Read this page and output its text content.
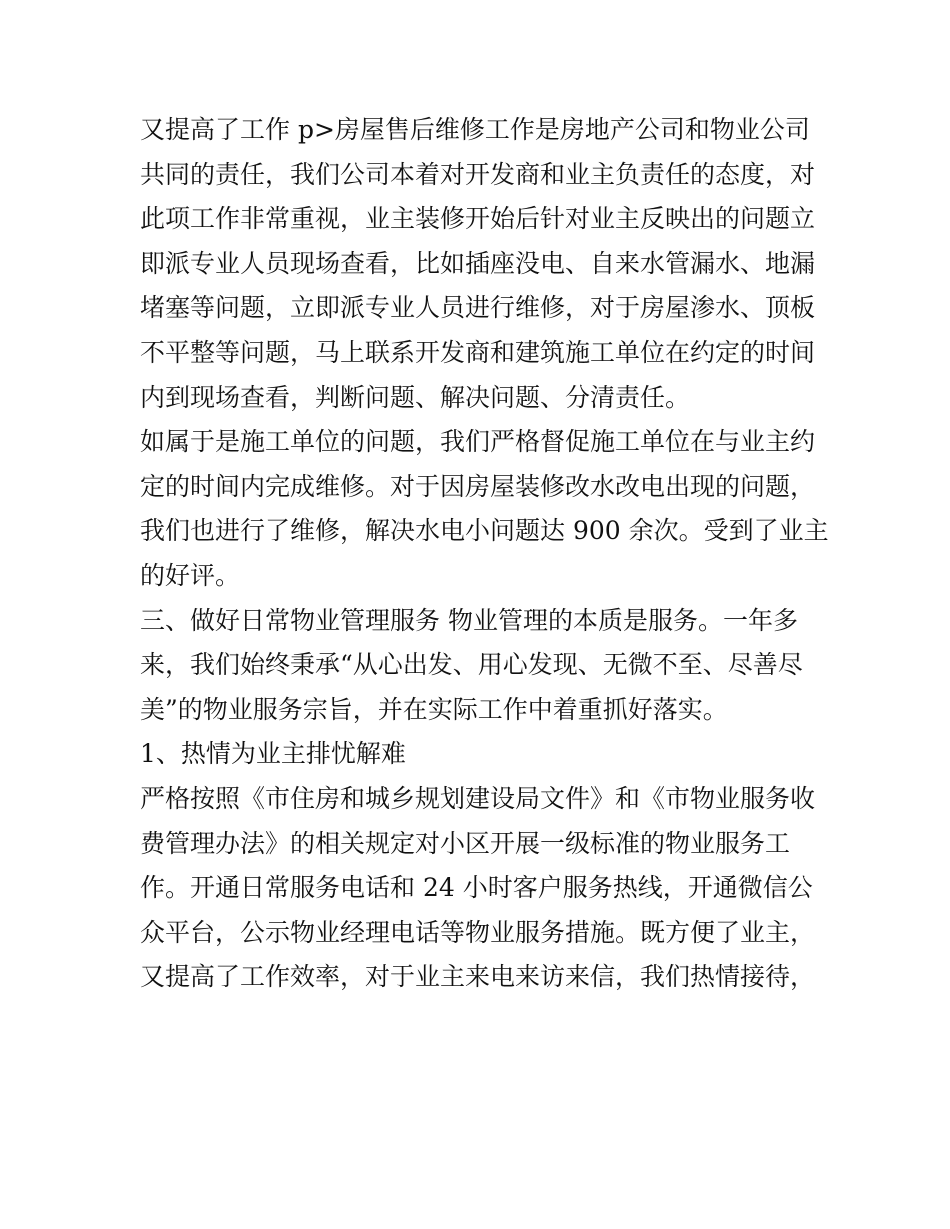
又提高了工作 p>房屋售后维修工作是房地产公司和物业公司
共同的责任，我们公司本着对开发商和业主负责任的态度，对
此项工作非常重视，业主装修开始后针对业主反映出的问题立
即派专业人员现场查看，比如插座没电、自来水管漏水、地漏
堵塞等问题，立即派专业人员进行维修，对于房屋渗水、顶板
不平整等问题，马上联系开发商和建筑施工单位在约定的时间
内到现场查看，判断问题、解决问题、分清责任。
如属于是施工单位的问题，我们严格督促施工单位在与业主约
定的时间内完成维修。对于因房屋装修改水改电出现的问题，
我们也进行了维修，解决水电小问题达 900 余次。受到了业主
的好评。
三、做好日常物业管理服务 物业管理的本质是服务。一年多
来，我们始终秉承“从心出发、用心发现、无微不至、尽善尽
美”的物业服务宗旨，并在实际工作中着重抓好落实。
1、热情为业主排忧解难
严格按照《市住房和城乡规划建设局文件》和《市物业服务收
费管理办法》的相关规定对小区开展一级标准的物业服务工
作。开通日常服务电话和 24 小时客户服务热线，开通微信公
众平台，公示物业经理电话等物业服务措施。既方便了业主，
又提高了工作效率，对于业主来电来访来信，我们热情接待，
